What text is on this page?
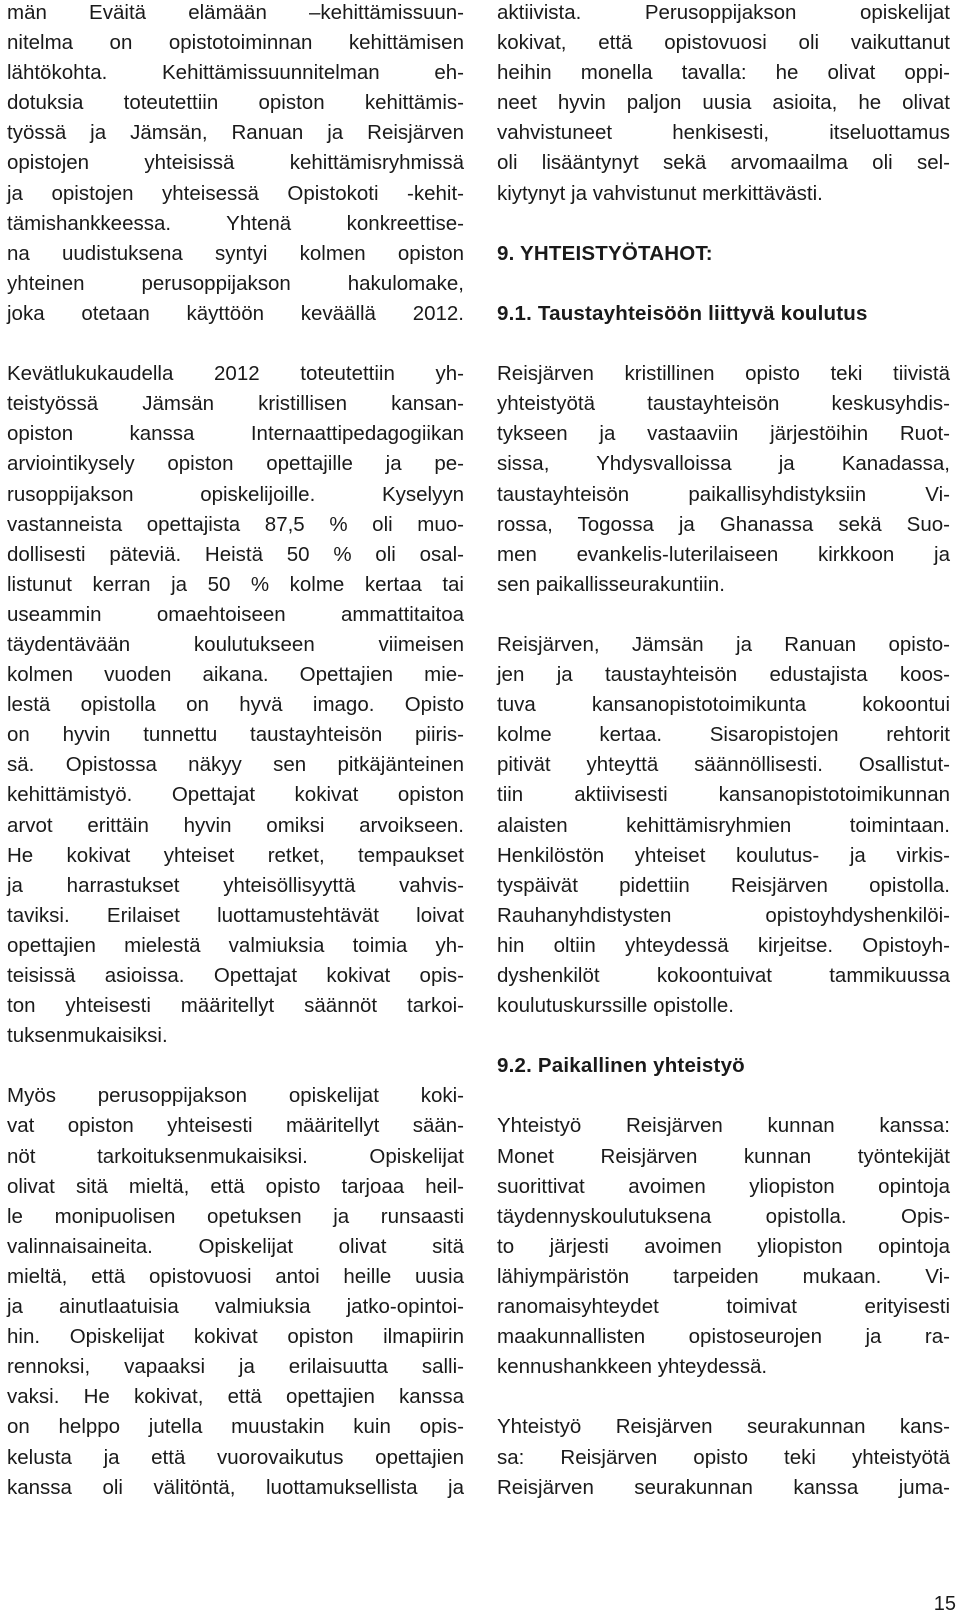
män Eväitä elämään –kehittämissuun-
nitelma on opistotoiminnan kehittämisen
lähtökohta. Kehittämissuunnitelman eh-
dotuksia toteutettiin opiston kehittämis-
työssä ja Jämsän, Ranuan ja Reisjärven
opistojen yhteisissä kehittämisryhmissä
ja opistojen yhteisessä Opistokoti -kehit-
tämishankkeessa. Yhtenä konkreettise-
na uudistuksena syntyi kolmen opiston
yhteinen perusoppijakson hakulomake,
joka otetaan käyttöön keväällä 2012.
Kevätlukukaudella 2012 toteutettiin yh-
teistyössä Jämsän kristillisen kansan-
opiston kanssa Internaattipedagogiikan
arviointikysely opiston opettajille ja pe-
rusoppijakson opiskelijoille. Kyselyyn
vastanneista opettajista 87,5 % oli muo-
dollisesti päteviä. Heistä 50 % oli osal-
listunut kerran ja 50 % kolme kertaa tai
useammin omaehtoiseen ammattitaitoa
täydentävään koulutukseen viimeisen
kolmen vuoden aikana. Opettajien mie-
lestä opistolla on hyvä imago. Opisto
on hyvin tunnettu taustayhteisön piiris-
sä. Opistossa näkyy sen pitkäjänteinen
kehittämistyö. Opettajat kokivat opiston
arvot erittäin hyvin omiksi arvoikseen.
He kokivat yhteiset retket, tempaukset
ja harrastukset yhteisöllisyyttä vahvis-
taviksi. Erilaiset luottamustehtävät loivat
opettajien mielestä valmiuksia toimia yh-
teisissä asioissa. Opettajat kokivat opis-
ton yhteisesti määritellyt säännöt tarkoi-
tuksenmukaisiksi.
Myös perusoppijakson opiskelijat koki-
vat opiston yhteisesti määritellyt sään-
nöt tarkoituksenmukaisiksi. Opiskelijat
olivat sitä mieltä, että opisto tarjoaa heil-
le monipuolisen opetuksen ja runsaasti
valinnaisaineita. Opiskelijat olivat sitä
mieltä, että opistovuosi antoi heille uusia
ja ainutlaatuisia valmiuksia jatko-opintoi-
hin. Opiskelijat kokivat opiston ilmapiirin
rennoksi, vapaaksi ja erilaisuutta salli-
vaksi. He kokivat, että opettajien kanssa
on helppo jutella muustakin kuin opis-
kelusta ja että vuorovaikutus opettajien
kanssa oli välitöntä, luottamuksellista ja
aktiivista. Perusoppijakson opiskelijat
kokivat, että opistovuosi oli vaikuttanut
heihin monella tavalla: he olivat oppi-
neet hyvin paljon uusia asioita, he olivat
vahvistuneet henkisesti, itseluottamus
oli lisääntynyt sekä arvomaailma oli sel-
kiytynyt ja vahvistunut merkittävästi.
9. YHTEISTYÖTAHOT:
9.1. Taustayhteisöön liittyvä koulutus
Reisjärven kristillinen opisto teki tiivistä
yhteistyötä taustayhteisön keskusyhdis-
tykseen ja vastaaviin järjestöihin Ruot-
sissa, Yhdysvalloissa ja Kanadassa,
taustayhteisön paikallisyhdistyksiin Vi-
rossa, Togossa ja Ghanassa sekä Suo-
men evankelis-luterilaiseen kirkkoon ja
sen paikallisseurakuntiin.
Reisjärven, Jämsän ja Ranuan opisto-
jen ja taustayhteisön edustajista koos-
tuva kansanopistotoimikunta kokoontui
kolme kertaa. Sisaropistojen rehtorit
pitivät yhteyttä säännöllisesti. Osallistut-
tiin aktiivisesti kansanopistotoimikunnan
alaisten kehittämisryhmien toimintaan.
Henkilöstön yhteiset koulutus- ja virkis-
tyspäivät pidettiin Reisjärven opistolla.
Rauhanyhdistysten opistoyhdyshenkilöi-
hin oltiin yhteydessä kirjeitse. Opistoyh-
dyshenkilöt kokoontuivat tammikuussa
koulutuskurssille opistolle.
9.2. Paikallinen yhteistyö
Yhteistyö Reisjärven kunnan kanssa:
Monet Reisjärven kunnan työntekijät
suorittivat avoimen yliopiston opintoja
täydennyskoulutuksena opistolla. Opis-
to järjesti avoimen yliopiston opintoja
lähiympäristön tarpeiden mukaan. Vi-
ranomaisyhteydet toimivat erityisesti
maakunnallisten opistoseurojen ja ra-
kennushankkeen yhteydessä.
Yhteistyö Reisjärven seurakunnan kans-
sa: Reisjärven opisto teki yhteistyötä
Reisjärven seurakunnan kanssa juma-
15
